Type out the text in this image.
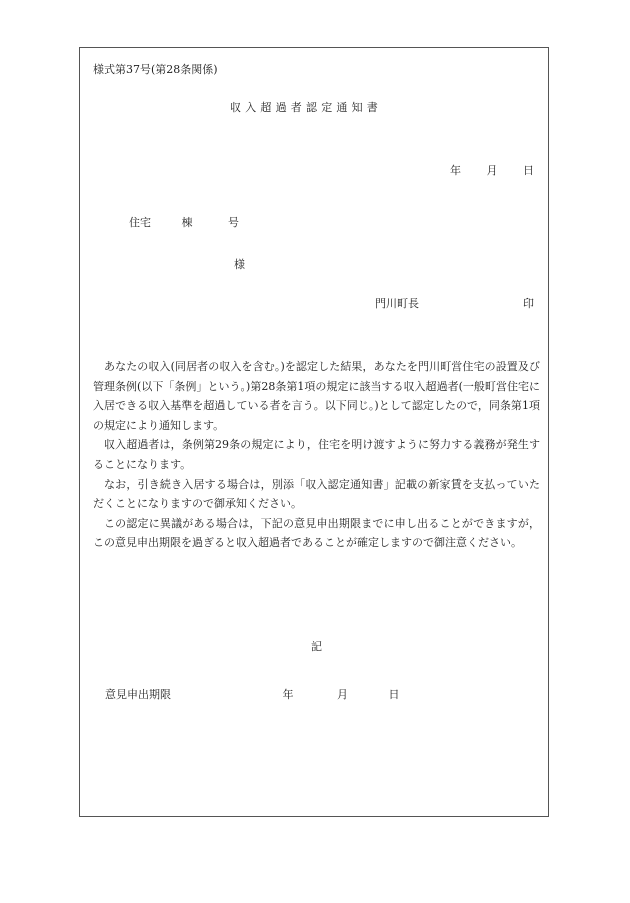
様式第37号(第28条関係)
収入超過者認定通知書
年 月 日
住宅	棟	号
様
門川町長	印

あなたの収入(同居者の収入を含む。)を認定した結果，あなたを門川町営住宅の設置及び管理条例(以下「条例」という。)第28条第1項の規定に該当する収入超過者(一般町営住宅に入居できる収入基準を超過している者を言う。以下同じ。)として認定したので，同条第1項の規定により通知します。

収入超過者は，条例第29条の規定により，住宅を明け渡すように努力する義務が発生することになります。

なお，引き続き入居する場合は，別添「収入認定通知書」記載の新家賃を支払っていただくことになりますので御承知ください。

この認定に異議がある場合は，下記の意見申出期限までに申し出ることができますが，この意見申出期限を過ぎると収入超過者であることが確定しますので御注意ください。

記
意見申出期限	年	月	日
